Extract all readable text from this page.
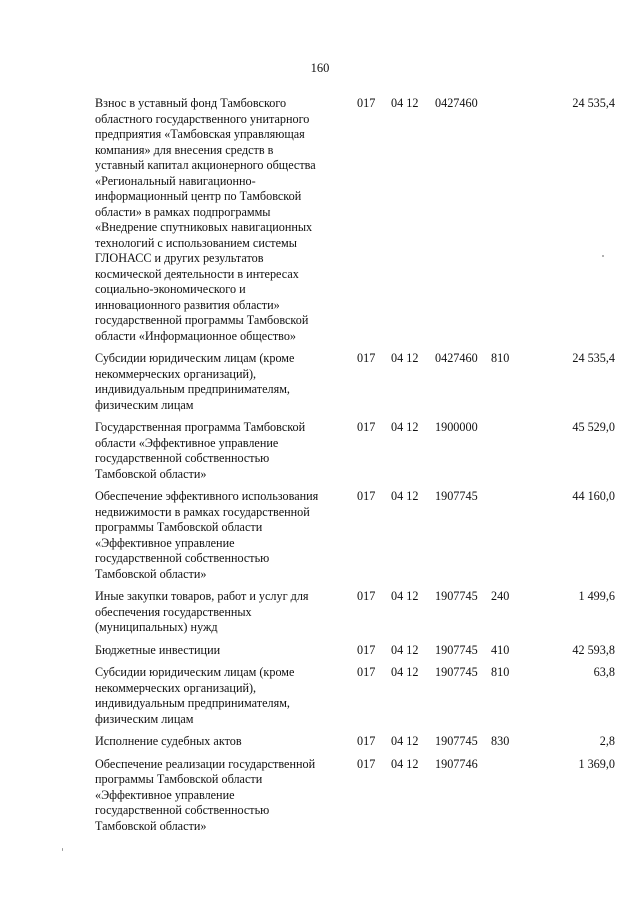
160
Взнос в уставный фонд Тамбовского
областного государственного унитарного
предприятия «Тамбовская управляющая
компания» для внесения средств в
уставный капитал акционерного общества
«Региональный навигационно-
информационный центр по Тамбовской
области» в рамках подпрограммы
«Внедрение спутниковых навигационных
технологий с использованием системы
ГЛОНАСС и других результатов
космической деятельности в интересах
социально-экономического и
инновационного развития области»
государственной программы Тамбовской
области «Информационное общество»
017 04 12 0427460	24 535,4
Субсидии юридическим лицам (кроме
некоммерческих организаций),
индивидуальным предпринимателям,
физическим лицам
017 04 12 0427460 810	24 535,4
Государственная программа Тамбовской
области «Эффективное управление
государственной собственностью
Тамбовской области»
017 04 12 1900000	45 529,0
Обеспечение эффективного использования
недвижимости в рамках государственной
программы Тамбовской области
«Эффективное управление
государственной собственностью
Тамбовской области»
017 04 12 1907745	44 160,0
Иные закупки товаров, работ и услуг для
обеспечения государственных
(муниципальных) нужд
017 04 12 1907745 240	1 499,6
Бюджетные инвестиции	017 04 12 1907745 410	42 593,8
Субсидии юридическим лицам (кроме
некоммерческих организаций),
индивидуальным предпринимателям,
физическим лицам
017 04 12 1907745 810	63,8
Исполнение судебных актов	017 04 12 1907745 830	2,8
Обеспечение реализации государственной
программы Тамбовской области
«Эффективное управление
государственной собственностью
Тамбовской области»
017 04 12 1907746	1 369,0
